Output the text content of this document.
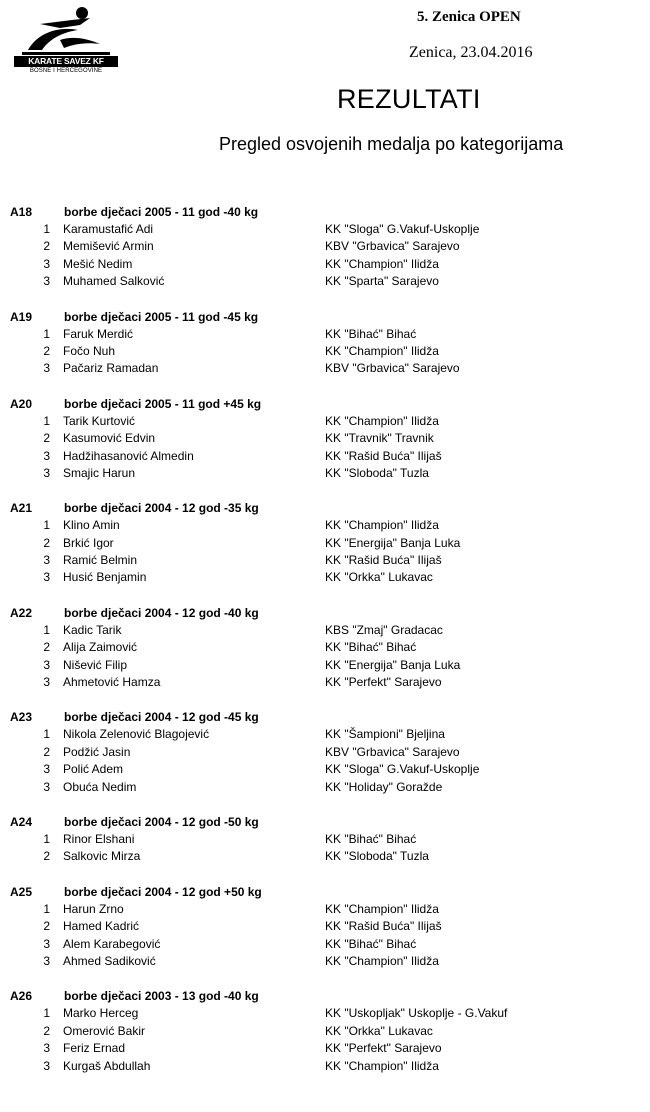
KARATE SAVEZ KF
BOSNE I HERCEGOVINE
5. Zenica OPEN
Zenica, 23.04.2016
REZULTATI
Pregled osvojenih medalja po kategorijama
A18	borbe dječaci 2005 - 11 god -40 kg
1 Karamustafić Adi	KK "Sloga" G.Vakuf-Uskoplje
2 Memišević Armin	KBV "Grbavica" Sarajevo
3 Mešić Nedim	KK "Champion" Ilidža
3 Muhamed Salković	KK "Sparta" Sarajevo
A19	borbe dječaci 2005 - 11 god -45 kg
1 Faruk Merdić	KK "Bihać" Bihać
2 Fočo Nuh	KK "Champion" Ilidža
3 Pačariz Ramadan	KBV "Grbavica" Sarajevo
A20	borbe dječaci 2005 - 11 god +45 kg
1 Tarik Kurtović	KK "Champion" Ilidža
2 Kasumović Edvin	KK "Travnik" Travnik
3 Hadžihasanović Almedin	KK "Rašid Buća" Ilijaš
3 Smajic Harun	KK "Sloboda" Tuzla
A21	borbe dječaci 2004 - 12 god -35 kg
1 Klino Amin	KK "Champion" Ilidža
2 Brkić Igor	KK "Energija" Banja Luka
3 Ramić Belmin	KK "Rašid Buća" Ilijaš
3 Husić Benjamin	KK "Orkka" Lukavac
A22	borbe dječaci 2004 - 12 god -40 kg
1 Kadic Tarik	KBS "Zmaj" Gradacac
2 Alija Zaimović	KK "Bihać" Bihać
3 Nišević Filip	KK "Energija" Banja Luka
3 Ahmetović Hamza	KK "Perfekt" Sarajevo
A23	borbe dječaci 2004 - 12 god -45 kg
1 Nikola Zelenović Blagojević	KK "Šampioni" Bjeljina
2 Podžić Jasin	KBV "Grbavica" Sarajevo
3 Polić Adem	KK "Sloga" G.Vakuf-Uskoplje
3 Obuća Nedim	KK "Holiday" Goražde
A24	borbe dječaci 2004 - 12 god -50 kg
1 Rinor Elshani	KK "Bihać" Bihać
2 Salkovic Mirza	KK "Sloboda" Tuzla
A25	borbe dječaci 2004 - 12 god +50 kg
1 Harun Zrno	KK "Champion" Ilidža
2 Hamed Kadrić	KK "Rašid Buća" Ilijaš
3 Alem Karabegović	KK "Bihać" Bihać
3 Ahmed Sadiković	KK "Champion" Ilidža
A26	borbe dječaci 2003 - 13 god -40 kg
1 Marko Herceg	KK "Uskopljak" Uskoplje - G.Vakuf
2 Omerović Bakir	KK "Orkka" Lukavac
3 Feriz Ernad	KK "Perfekt" Sarajevo
3 Kurgaš Abdullah	KK "Champion" Ilidža
